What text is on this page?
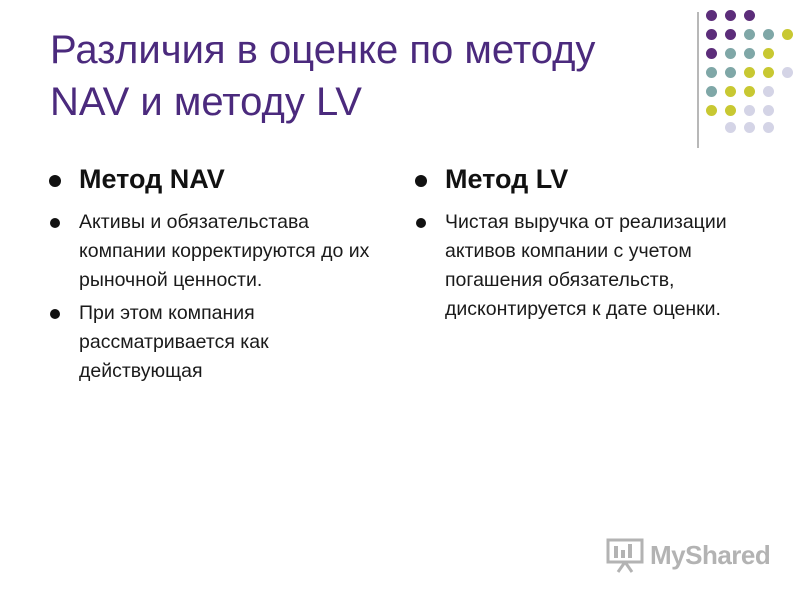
Различия в оценке по методу
NAV и методу LV
Метод NAV
Активы и обязательстава компании корректируются до их рыночной ценности.
При этом компания рассматривается как действующая
Метод LV
Чистая выручка от реализации активов компании с учетом погашения обязательств, дисконтируется к дате оценки.
MyShared
